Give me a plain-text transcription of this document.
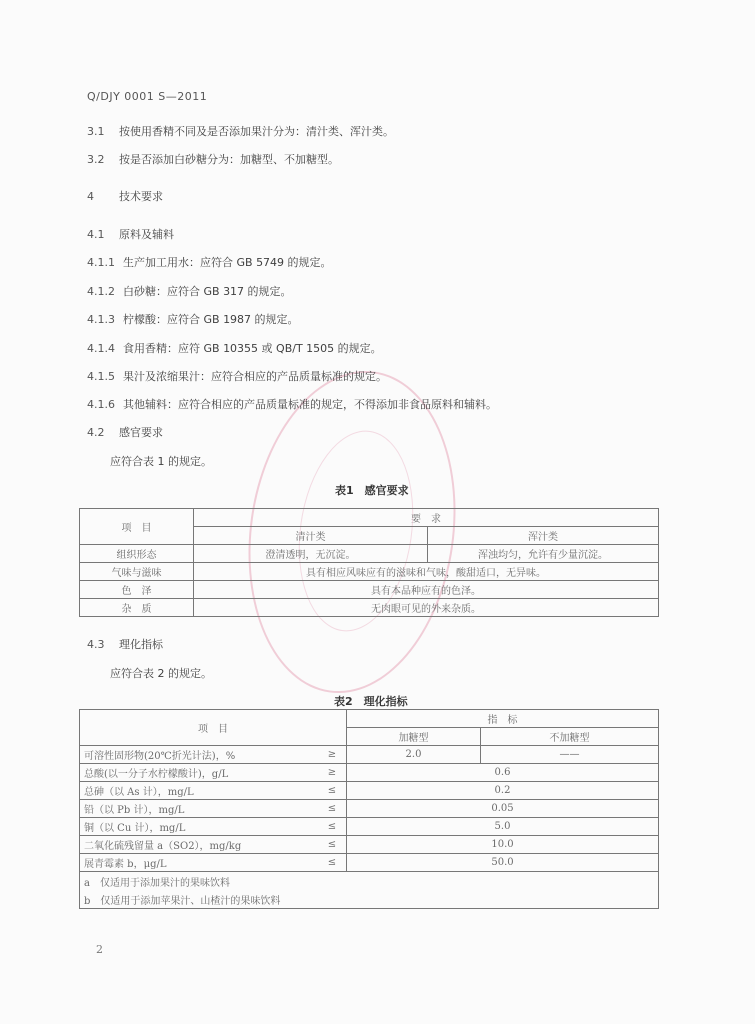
Q/DJY 0001 S—2011
3.1 按使用香精不同及是否添加果汁分为：清汁类、浑汁类。
3.2 按是否添加白砂糖分为：加糖型、不加糖型。
4 技术要求
4.1 原料及辅料
4.1.1 生产加工用水：应符合 GB 5749 的规定。
4.1.2 白砂糖：应符合 GB 317 的规定。
4.1.3 柠檬酸：应符合 GB 1987 的规定。
4.1.4 食用香精：应符 GB 10355 或 QB/T 1505 的规定。
4.1.5 果汁及浓缩果汁：应符合相应的产品质量标准的规定。
4.1.6 其他辅料：应符合相应的产品质量标准的规定，不得添加非食品原料和辅料。
4.2 感官要求
应符合表 1 的规定。
表1　感官要求
项　目	要　求	
	清汁类	浑汁类
组织形态	澄清透明，无沉淀。	浑浊均匀，允许有少量沉淀。
气味与滋味	具有相应风味应有的滋味和气味，酸甜适口，无异味。	
色　泽	具有本品种应有的色泽。	
杂　质	无肉眼可见的外来杂质。	
4.3 理化指标
应符合表 2 的规定。
表2　理化指标
项　目		指　标	
		加糖型	不加糖型
可溶性固形物(20℃折光计法)，%	≥	2.0	——
总酸(以一分子水柠檬酸计)，g/L	≥	0.6	
总砷（以 As 计），mg/L	≤	0.2	
铅（以 Pb 计），mg/L	≤	0.05	
铜（以 Cu 计），mg/L	≤	5.0	
二氧化硫残留量 a（SO2），mg/kg	≤	10.0	
展青霉素 b，μg/L	≤	50.0	
a　仅适用于添加果汁的果味饮料			
b　仅适用于添加苹果汁、山楂汁的果味饮料			
2
